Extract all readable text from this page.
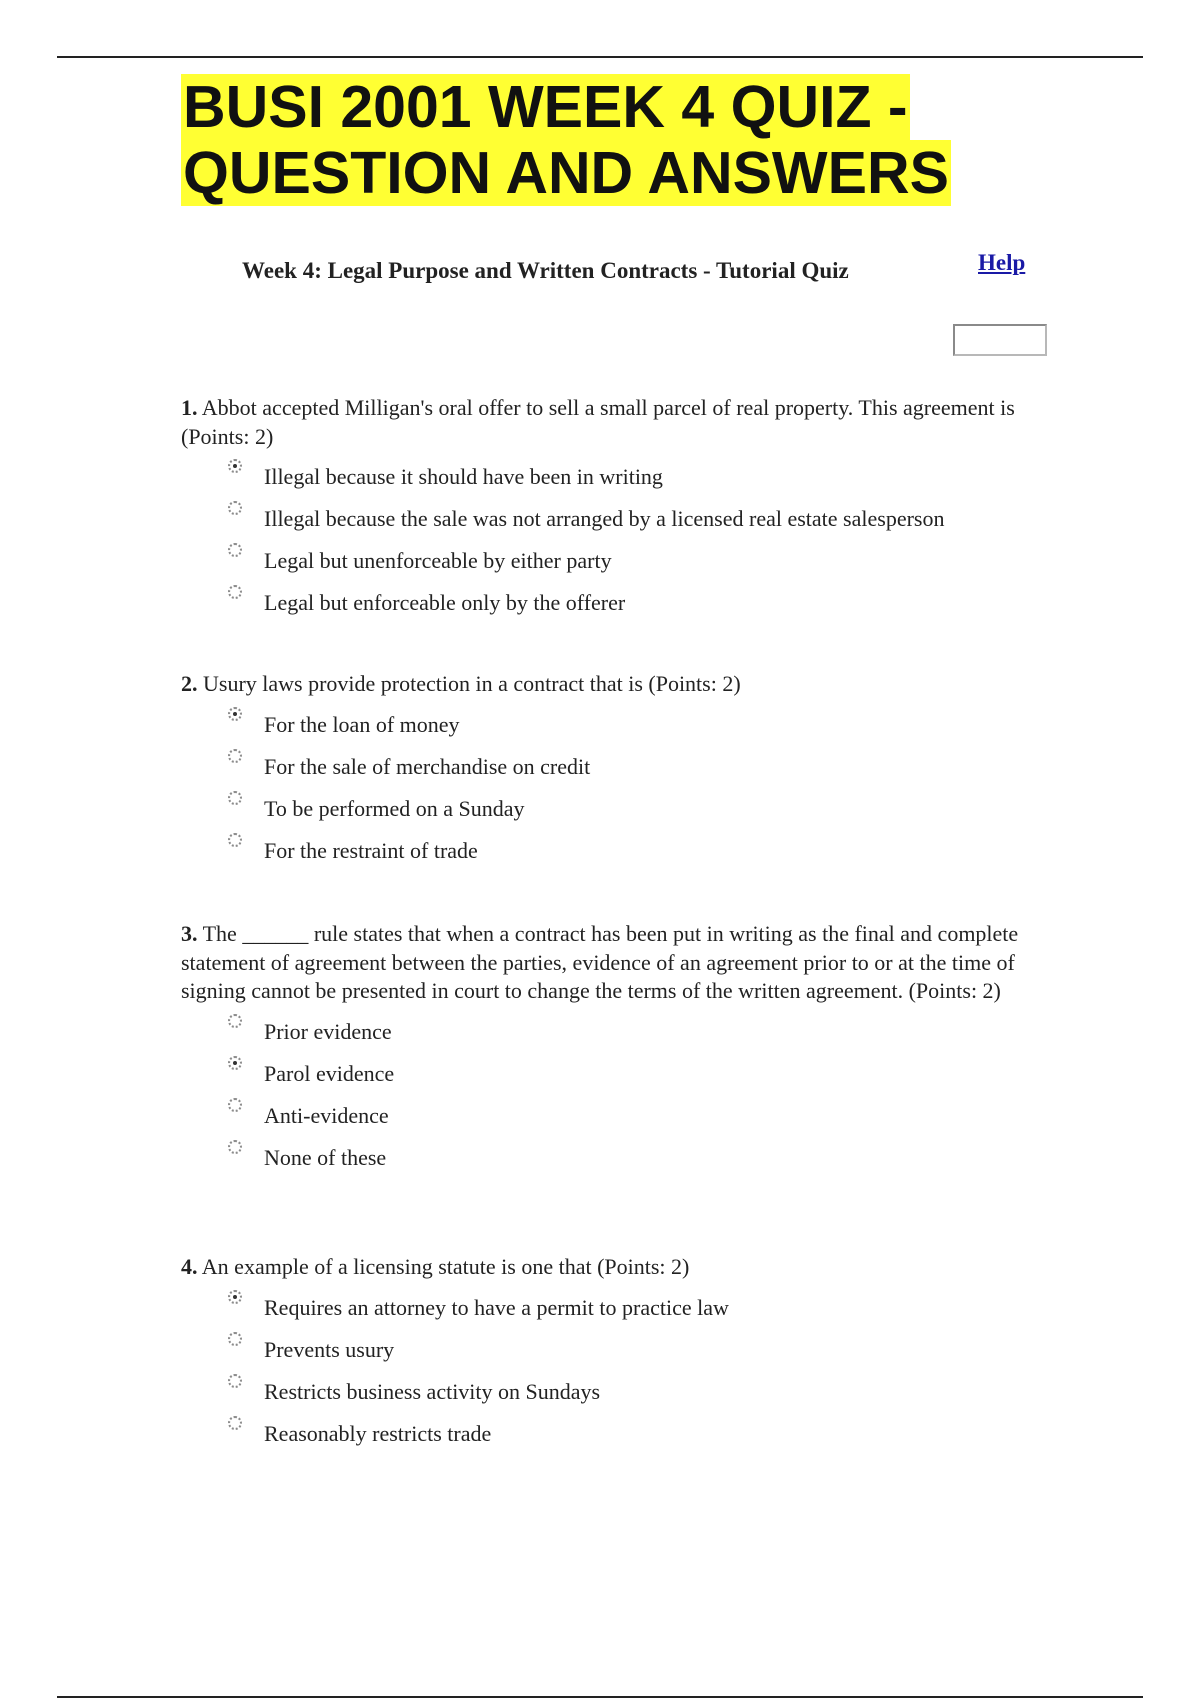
BUSI 2001 WEEK 4 QUIZ -
QUESTION AND ANSWERS
Week 4: Legal Purpose and Written Contracts - Tutorial Quiz	Help

1. Abbot accepted Milligan's oral offer to sell a small parcel of real property. This agreement is (Points: 2)

Illegal because it should have been in writing
Illegal because the sale was not arranged by a licensed real estate salesperson
Legal but unenforceable by either party
Legal but enforceable only by the offerer

2. Usury laws provide protection in a contract that is (Points: 2)

For the loan of money
For the sale of merchandise on credit
To be performed on a Sunday
For the restraint of trade

3. The ______ rule states that when a contract has been put in writing as the final and complete statement of agreement between the parties, evidence of an agreement prior to or at the time of signing cannot be presented in court to change the terms of the written agreement. (Points: 2)

Prior evidence
Parol evidence
Anti-evidence
None of these

4. An example of a licensing statute is one that (Points: 2)

Requires an attorney to have a permit to practice law
Prevents usury
Restricts business activity on Sundays
Reasonably restricts trade
